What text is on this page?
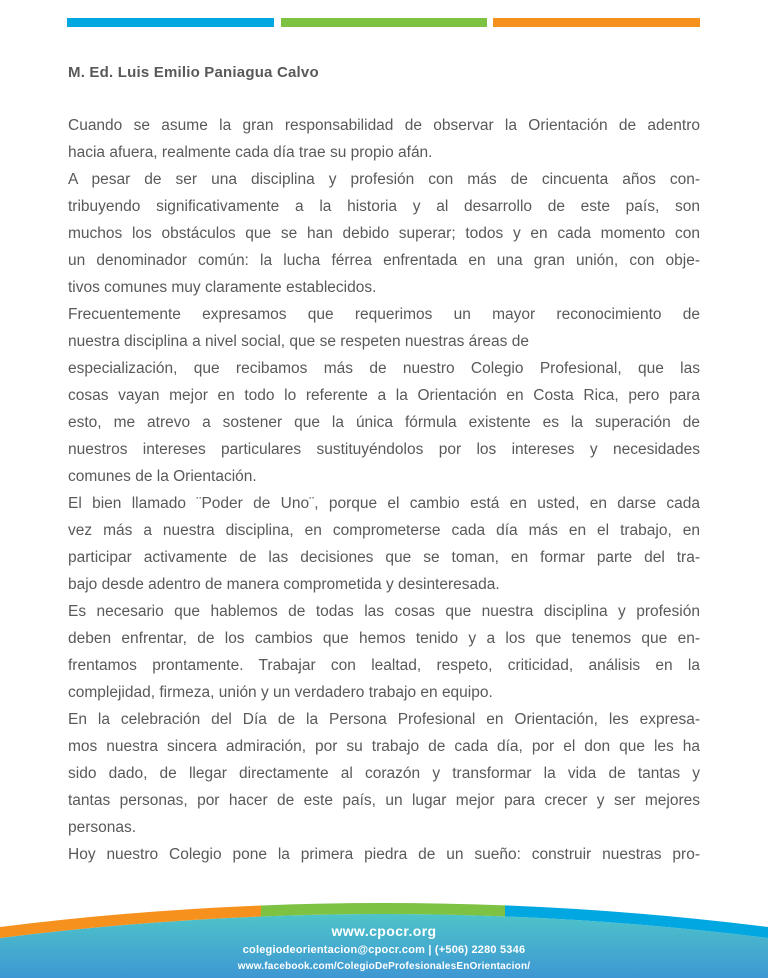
M. Ed. Luis Emilio Paniagua Calvo
Cuando se asume la gran responsabilidad de observar la Orientación de adentro
hacia afuera, realmente cada día trae su propio afán.
A pesar de ser una disciplina y profesión con más de cincuenta años con-
tribuyendo significativamente a la historia y al desarrollo de este país, son
muchos los obstáculos que se han debido superar; todos y en cada momento con
un denominador común: la lucha férrea enfrentada en una gran unión, con obje-
tivos comunes muy claramente establecidos.
Frecuentemente expresamos que requerimos un mayor reconocimiento de
nuestra disciplina a nivel social, que se respeten nuestras áreas de
especialización, que recibamos más de nuestro Colegio Profesional, que las
cosas vayan mejor en todo lo referente a la Orientación en Costa Rica, pero para
esto, me atrevo a sostener que la única fórmula existente es la superación de
nuestros intereses particulares sustituyéndolos por los intereses y necesidades
comunes de la Orientación.
El bien llamado ¨Poder de Uno¨, porque el cambio está en usted, en darse cada
vez más a nuestra disciplina, en comprometerse cada día más en el trabajo, en
participar activamente de las decisiones que se toman, en formar parte del tra-
bajo desde adentro de manera comprometida y desinteresada.
Es necesario que hablemos de todas las cosas que nuestra disciplina y profesión
deben enfrentar, de los cambios que hemos tenido y a los que tenemos que en-
frentamos prontamente. Trabajar con lealtad, respeto, criticidad, análisis en la
complejidad, firmeza, unión y un verdadero trabajo en equipo.
En la celebración del Día de la Persona Profesional en Orientación, les expresa-
mos nuestra sincera admiración, por su trabajo de cada día, por el don que les ha
sido dado, de llegar directamente al corazón y transformar la vida de tantas y
tantas personas, por hacer de este país, un lugar mejor para crecer y ser mejores
personas.
Hoy nuestro Colegio pone la primera piedra de un sueño: construir nuestras pro-
www.cpocr.org
colegiodeorientacion@cpocr.com | (+506) 2280 5346
www.facebook.com/ColegioDeProfesionalesEnOrientacion/
